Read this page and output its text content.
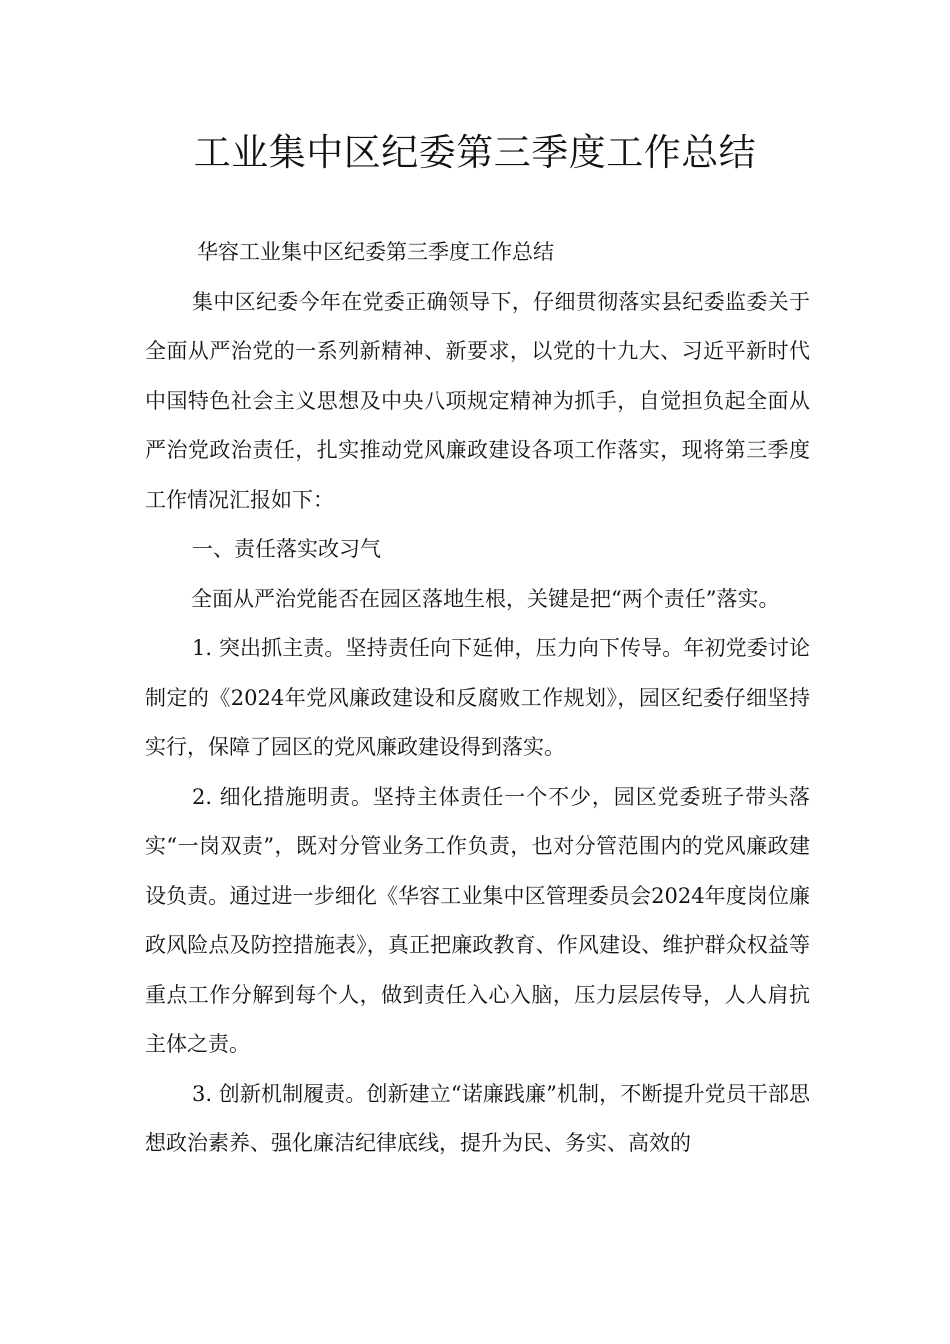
工业集中区纪委第三季度工作总结

华容工业集中区纪委第三季度工作总结

集中区纪委今年在党委正确领导下，仔细贯彻落实县纪委监委关于全面从严治党的一系列新精神、新要求，以党的十九大、习近平新时代中国特色社会主义思想及中央八项规定精神为抓手，自觉担负起全面从严治党政治责任，扎实推动党风廉政建设各项工作落实，现将第三季度工作情况汇报如下：

一、责任落实改习气

全面从严治党能否在园区落地生根，关键是把“两个责任”落实。

1. 突出抓主责。坚持责任向下延伸，压力向下传导。年初党委讨论制定的《2024年党风廉政建设和反腐败工作规划》，园区纪委仔细坚持实行，保障了园区的党风廉政建设得到落实。

2. 细化措施明责。坚持主体责任一个不少，园区党委班子带头落实“一岗双责”，既对分管业务工作负责，也对分管范围内的党风廉政建设负责。通过进一步细化《华容工业集中区管理委员会2024年度岗位廉政风险点及防控措施表》，真正把廉政教育、作风建设、维护群众权益等重点工作分解到每个人，做到责任入心入脑，压力层层传导，人人肩抗主体之责。

3. 创新机制履责。创新建立“诺廉践廉”机制，不断提升党员干部思想政治素养、强化廉洁纪律底线，提升为民、务实、高效的
